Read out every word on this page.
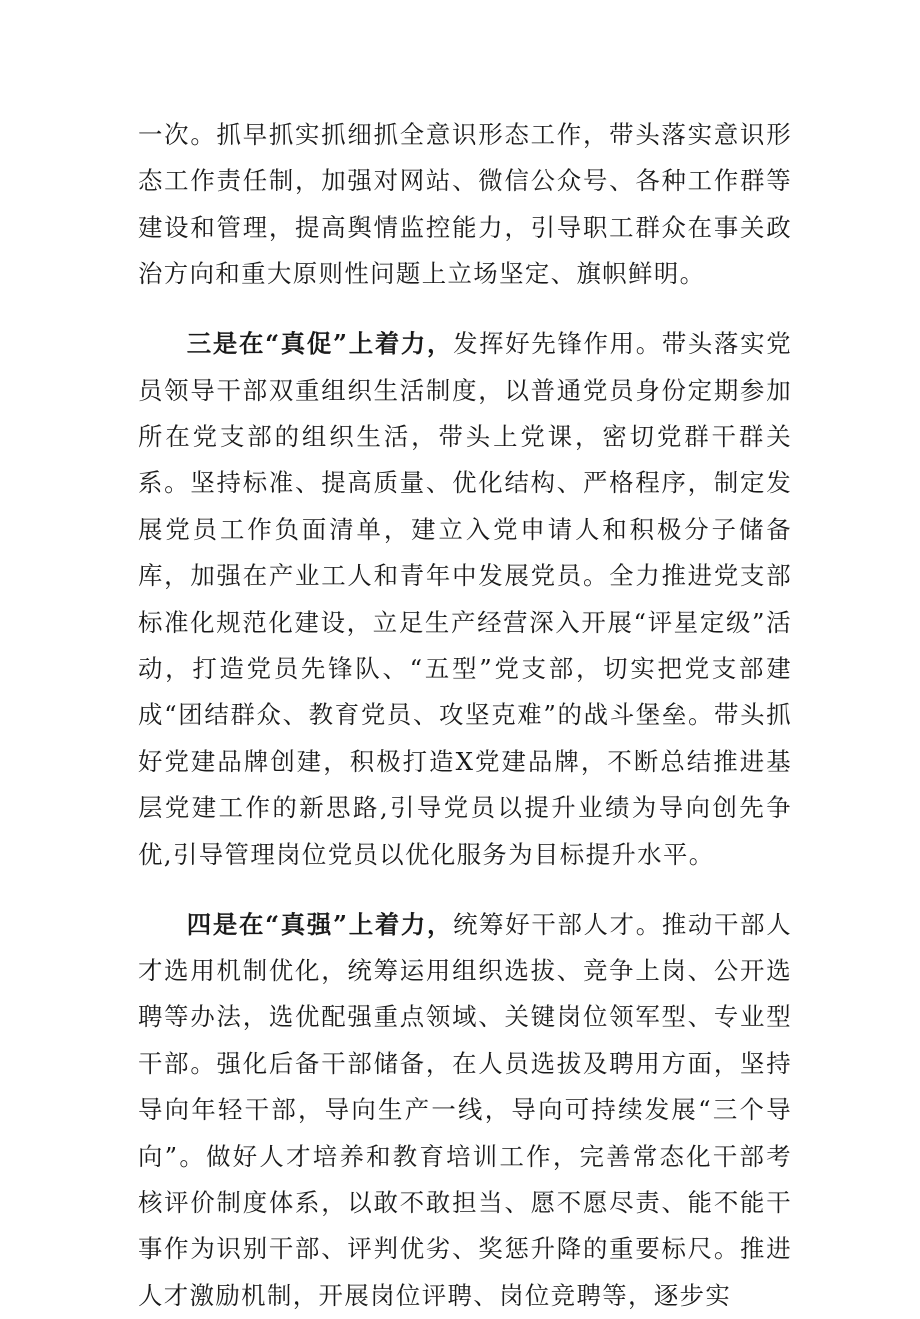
一次。抓早抓实抓细抓全意识形态工作，带头落实意识形态工作责任制，加强对网站、微信公众号、各种工作群等建设和管理，提高舆情监控能力，引导职工群众在事关政治方向和重大原则性问题上立场坚定、旗帜鲜明。

三是在“真促”上着力，发挥好先锋作用。带头落实党员领导干部双重组织生活制度，以普通党员身份定期参加所在党支部的组织生活，带头上党课，密切党群干群关系。坚持标准、提高质量、优化结构、严格程序，制定发展党员工作负面清单，建立入党申请人和积极分子储备库，加强在产业工人和青年中发展党员。全力推进党支部标准化规范化建设，立足生产经营深入开展“评星定级”活动，打造党员先锋队、“五型”党支部，切实把党支部建成“团结群众、教育党员、攻坚克难”的战斗堡垒。带头抓好党建品牌创建，积极打造X党建品牌，不断总结推进基层党建工作的新思路,引导党员以提升业绩为导向创先争优,引导管理岗位党员以优化服务为目标提升水平。

四是在“真强”上着力，统筹好干部人才。推动干部人才选用机制优化，统筹运用组织选拔、竞争上岗、公开选聘等办法，选优配强重点领域、关键岗位领军型、专业型干部。强化后备干部储备，在人员选拔及聘用方面，坚持导向年轻干部，导向生产一线，导向可持续发展“三个导向”。做好人才培养和教育培训工作，完善常态化干部考核评价制度体系，以敢不敢担当、愿不愿尽责、能不能干事作为识别干部、评判优劣、奖惩升降的重要标尺。推进人才激励机制，开展岗位评聘、岗位竞聘等，逐步实
